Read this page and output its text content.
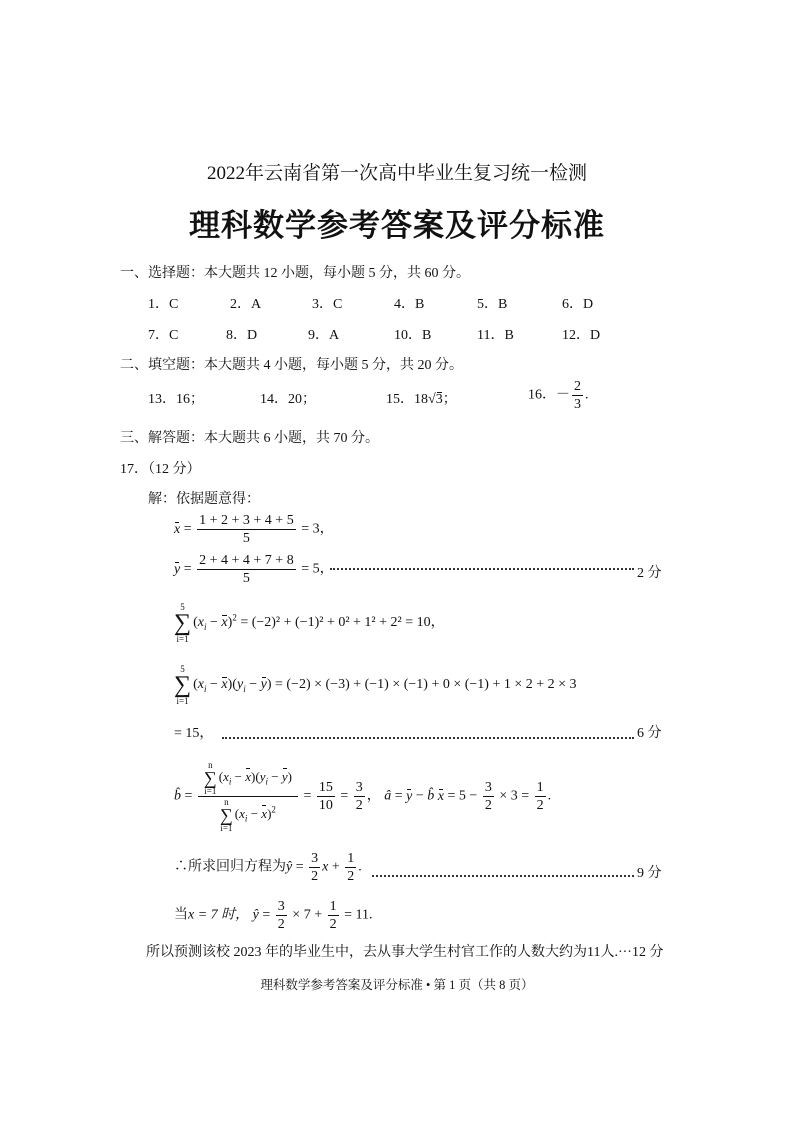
2022年云南省第一次高中毕业生复习统一检测
理科数学参考答案及评分标准
一、选择题：本大题共 12 小题，每小题 5 分，共 60 分。
1．C	2．A	3．C	4．B	5．B	6．D
7．C	8．D	9．A	10．B	11．B	12．D
二、填空题：本大题共 4 小题，每小题 5 分，共 20 分。
13．16；	14．20；	15．18√3；	16．－ $\frac{2}{3}$ .
三、解答题：本大题共 6 小题，共 70 分。
17．（12 分）
解：依据题意得：
$x = \frac{1 + 2 + 3 + 4 + 5}{5} = 3$，
$y = \frac{2 + 4 + 4 + 7 + 8}{5} = 5$，	2 分
5
∑
$i=1(x_i - x)^2 = (-2)^2 + (-1)^2 + 0^2 + 1^2 + 2^2 = 10$，
5
∑
$i=1(x_i - x)(y_i - y) = (-2) \times (-3) + (-1) \times (-1) + 0 \times (-1) + 1 \times 2 + 2 \times 3$
= 15，	6 分
b̂ = n
∑
$i=1(x_i - x)(y_i - y)$
n
∑
$i=1(x_i - x)^2 = \frac{15}{10} = \frac{3}{2}$ ， â = y − b̂ $x = 5 - \frac{3}{2} \times 3 = \frac{1}{2}$ .
∴所求回归方程为ŷ = $\frac{3}{2}$ $x + \frac{1}{2}$ .	9 分
当x = 7 时， ŷ = $\frac{3}{2} \times 7 + \frac{1}{2} = 11$.
所以预测该校 2023 年的毕业生中，去从事大学生村官工作的人数大约为11人.···12 分
理科数学参考答案及评分标准 • 第 1 页（共 8 页）
